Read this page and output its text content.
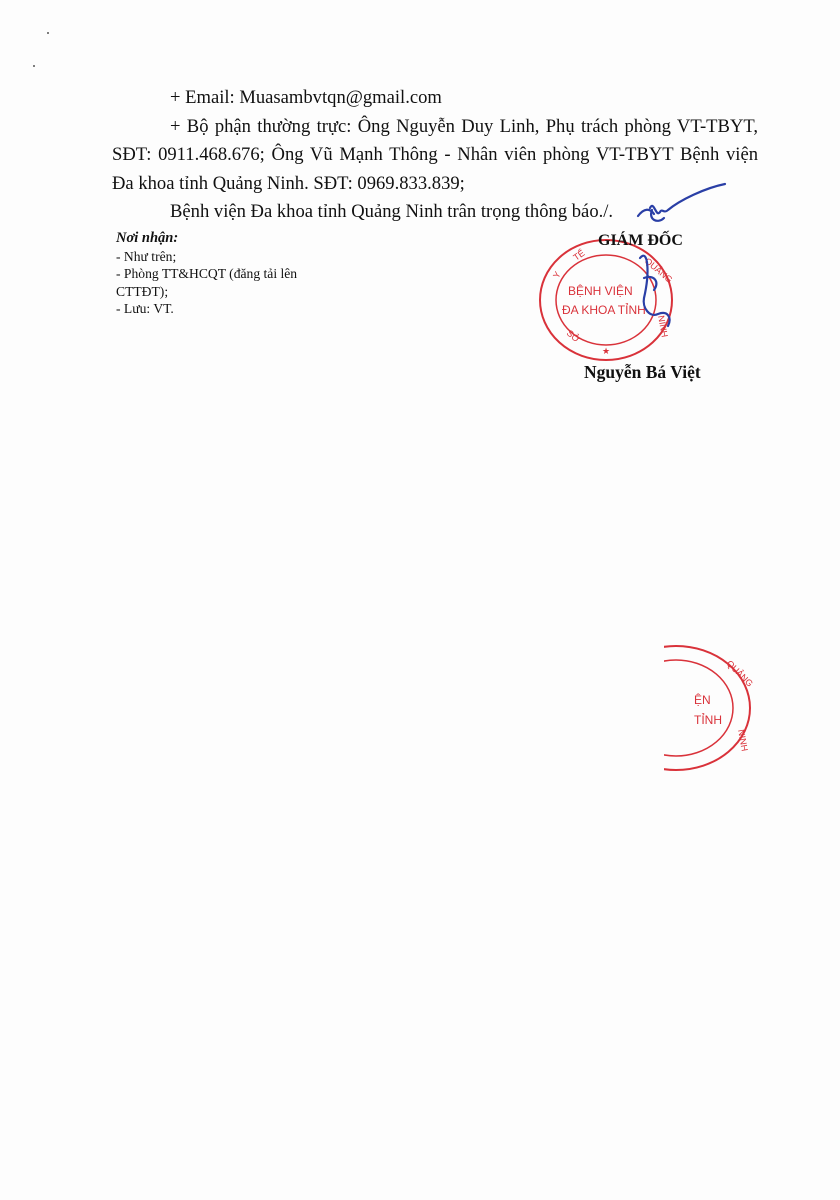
+ Email: Muasambvtqn@gmail.com

+ Bộ phận thường trực: Ông Nguyễn Duy Linh, Phụ trách phòng VT-TBYT, SĐT: 0911.468.676; Ông Vũ Mạnh Thông - Nhân viên phòng VT-TBYT Bệnh viện Đa khoa tỉnh Quảng Ninh. SĐT: 0969.833.839;

Bệnh viện Đa khoa tỉnh Quảng Ninh trân trọng thông báo./.

Nơi nhận:
- Như trên;
- Phòng TT&HCQT (đăng tải lên CTTĐT);
- Lưu: VT.
Y
TẾ
QUẢNG
NINH
SỞ
★
BỆNH VIỆN
ĐA KHOA TỈNH
GIÁM ĐỐC
Nguyễn Bá Việt
QUẢNG
NINH
ỆN
TỈNH
